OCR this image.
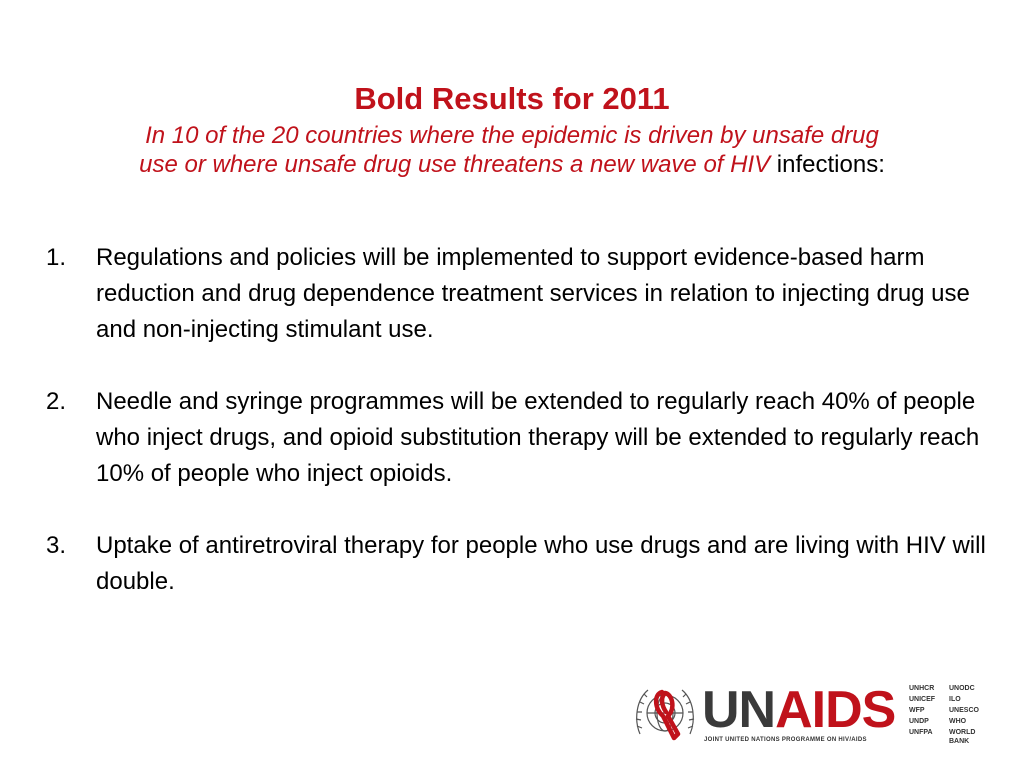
Bold Results for 2011
In 10 of the 20 countries where the epidemic is driven by unsafe drug
use or where unsafe drug use threatens a new wave of HIV infections:
1. Regulations and policies will be implemented to support evidence-based harm reduction and drug dependence treatment services in relation to injecting drug use and non-injecting stimulant use.
2. Needle and syringe programmes will be extended to regularly reach 40% of people who inject drugs, and opioid substitution therapy will be extended to regularly reach 10% of people who inject opioids.
3. Uptake of antiretroviral therapy for people who use drugs and are living with HIV will double.
UNAIDS
JOINT UNITED NATIONS PROGRAMME ON HIV/AIDS
UNHCR
UNICEF
WFP
UNDP
UNFPA
UNODC
ILO
UNESCO
WHO
WORLD BANK
